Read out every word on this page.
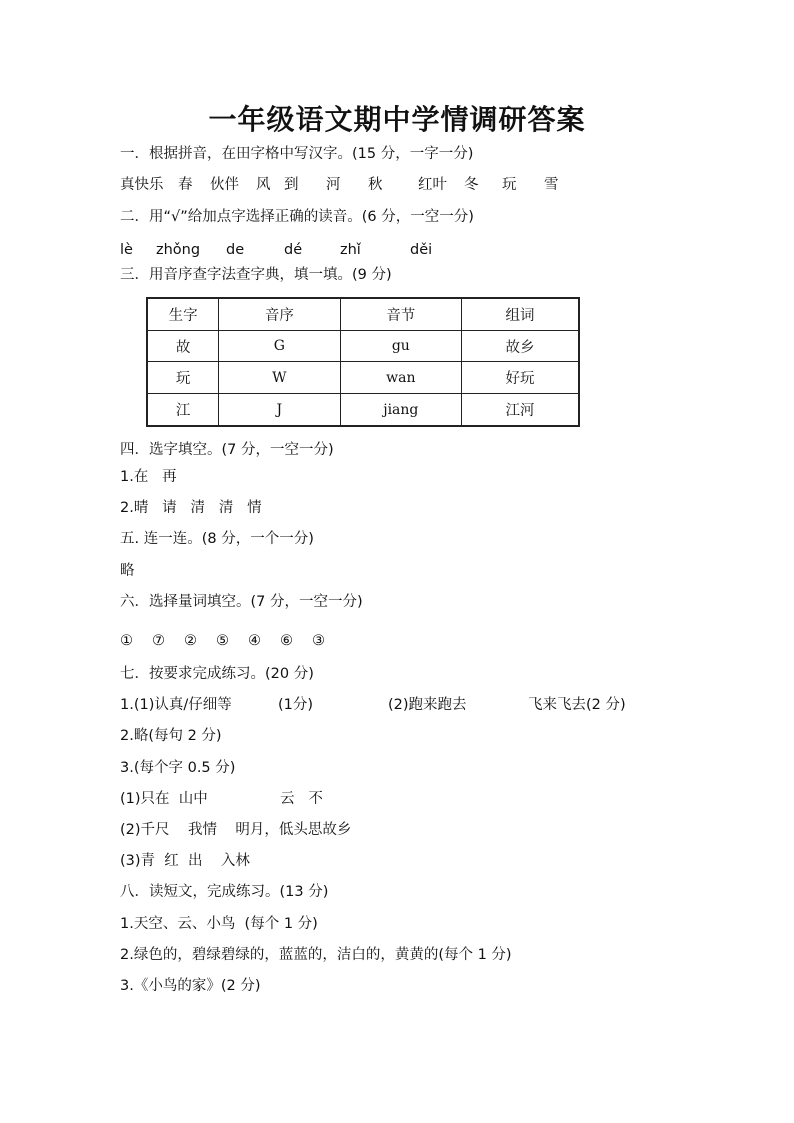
一年级语文期中学情调研答案
一．根据拼音，在田字格中写汉字。(15 分，一字一分)
真快乐 春 伙伴 风 到 河 秋 红叶 冬 玩 雪
二．用“√”给加点字选择正确的读音。(6 分，一空一分)
lè zhǒng de	dé	zhǐ	děi
三．用音序查字法查字典，填一填。(9 分)
生字	音序	音节	组词
故	G	gu	故乡
玩	W	wan	好玩
江	J	jiang	江河
四．选字填空。(7 分，一空一分)
1.在   再
2.晴   请   清   清   情
五. 连一连。(8 分，一个一分)
略
六．选择量词填空。(7 分，一空一分)
① ⑦ ② ⑤ ④ ⑥ ③
七．按要求完成练习。(20 分)
1.(1)认真/仔细等	(1分)	(2)跑来跑去	飞来飞去(2 分)
2.略(每句 2 分)
3.(每个字 0.5 分)
(1)只在  山中	云   不
(2)千尺    我情    明月，低头思故乡
(3)青  红  出    入林
八．读短文，完成练习。(13 分)
1.天空、云、小鸟  (每个 1 分)
2.绿色的，碧绿碧绿的，蓝蓝的，洁白的，黄黄的(每个 1 分)
3.《小鸟的家》(2 分)
